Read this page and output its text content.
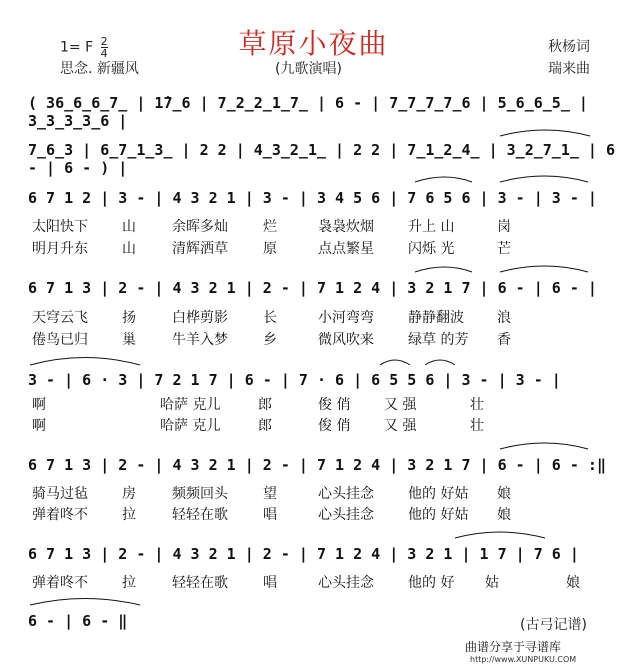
草原小夜曲
1= F $\frac{2}{4}$
思念. 新疆风	(九歌演唱)
秋杨词
瑞来曲
( 36̲6̲6̲7̲ | 1̇7̲6 | 7̲2̲2̲1̲7̲ | 6 - | 7̲7̲7̲7̲6 | 5̲6̲6̲5̲ | 3̲3̲3̲3̲6 |
7̲6̲3 | 6̲7̲1̲3̲ | 2 2 | 4̲3̲2̲1̲ | 2 2 | 7̲1̲2̲4̲ | 3̲2̲7̲1̲ | 6 - | 6 - ) |
6 7 1 2 | 3 - | 4 3 2 1 | 3 - | 3 4 5 6 | 7 6 5 6 | 3 - | 3 - |
6 7 1 3 | 2 - | 4 3 2 1 | 2 - | 7 1 2 4 | 3 2 1 7 | 6 - | 6 - |
3 - | 6 · 3 | 7 2 1 7 | 6 - | 7 · 6 | 6 5 5 6 | 3 - | 3 - |
6 7 1 3 | 2 - | 4 3 2 1 | 2 - | 7 1 2 4 | 3 2 1 7 | 6 - | 6 - :‖
6 7 1 3 | 2 - | 4 3 2 1 | 2 - | 7 1 2 4 | 3 2 1 | 1 7 | 7 6 |
6 - | 6 - ‖
太阳快下 山	余晖多灿	烂	袅袅炊烟 升上 山	岗
明月升东 山	清辉洒草	原	点点繁星 闪烁 光	芒
天穹云飞 扬	白桦剪影	长	小河弯弯 静静翻波 浪
倦鸟已归 巢	牛羊入梦	乡	微风吹来 绿草 的芳 香
啊	哈萨 克儿	郎	俊 俏 又 强	壮
啊	哈萨 克儿	郎	俊 俏 又 强	壮
骑马过毡 房	频频回头	望	心头挂念 他的 好姑 娘
弹着咚不 拉	轻轻在歌	唱	心头挂念 他的 好姑 娘
弹着咚不 拉	轻轻在歌	唱	心头挂念 他的 好 姑	娘
(古弓记谱)
曲谱分享于寻谱库
http://www.XUNPUKU.COM
